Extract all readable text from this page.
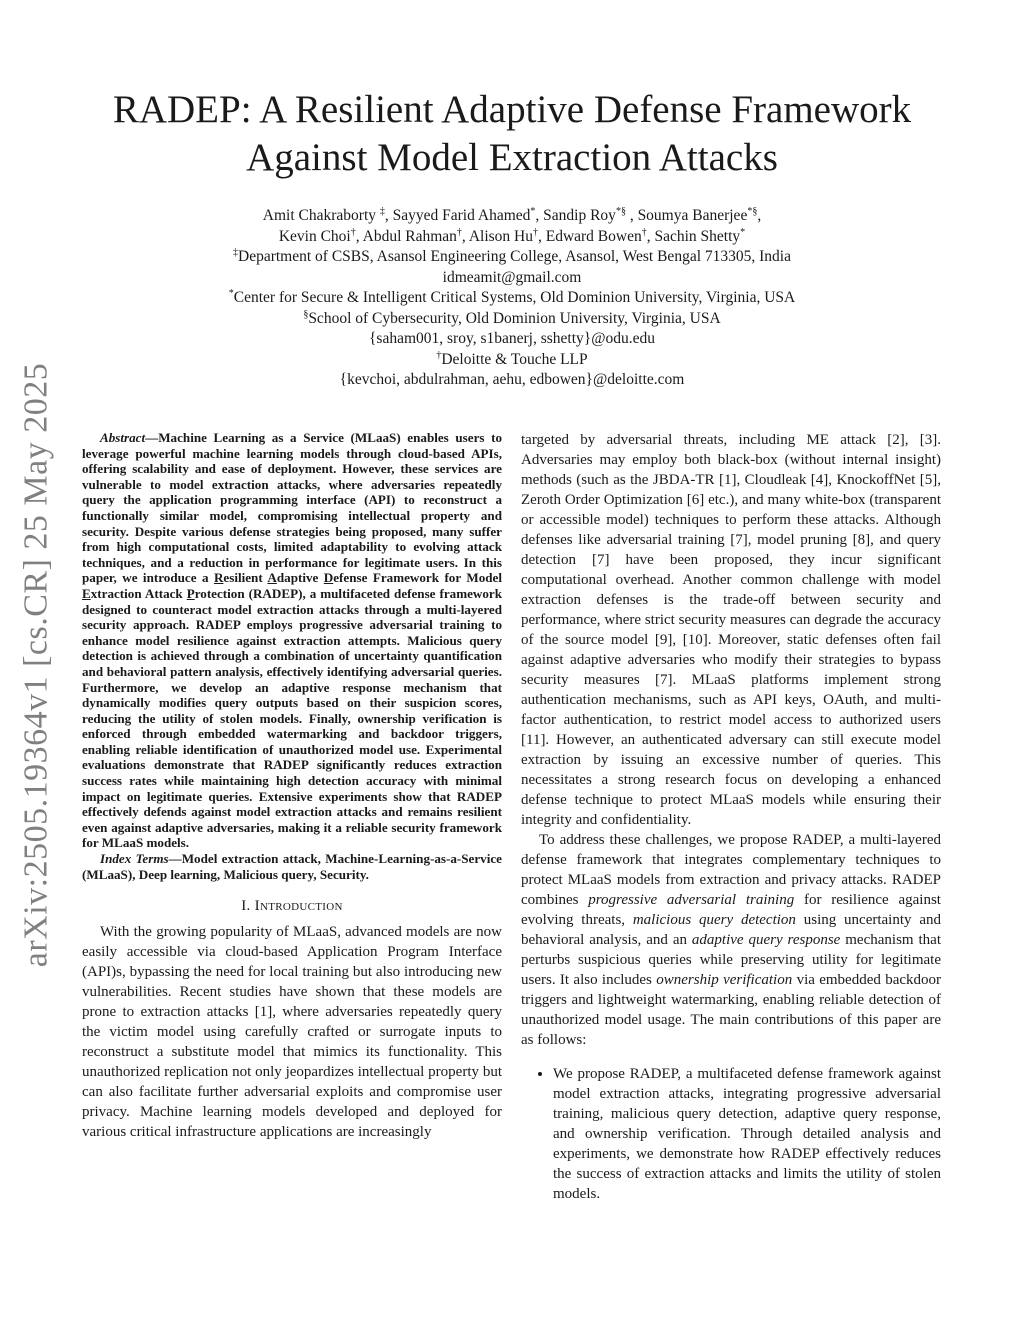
arXiv:2505.19364v1 [cs.CR] 25 May 2025
RADEP: A Resilient Adaptive Defense Framework
Against Model Extraction Attacks
Amit Chakraborty ‡, Sayyed Farid Ahamed*, Sandip Roy*§ , Soumya Banerjee*§,
Kevin Choi†, Abdul Rahman†, Alison Hu†, Edward Bowen†, Sachin Shetty*
‡Department of CSBS, Asansol Engineering College, Asansol, West Bengal 713305, India
idmeamit@gmail.com
*Center for Secure & Intelligent Critical Systems, Old Dominion University, Virginia, USA
§School of Cybersecurity, Old Dominion University, Virginia, USA
{saham001, sroy, s1banerj, sshetty}@odu.edu
†Deloitte & Touche LLP
{kevchoi, abdulrahman, aehu, edbowen}@deloitte.com

Abstract—Machine Learning as a Service (MLaaS) enables users to leverage powerful machine learning models through cloud-based APIs, offering scalability and ease of deployment. However, these services are vulnerable to model extraction attacks, where adversaries repeatedly query the application programming interface (API) to reconstruct a functionally similar model, compromising intellectual property and security. Despite various defense strategies being proposed, many suffer from high computational costs, limited adaptability to evolving attack techniques, and a reduction in performance for legitimate users. In this paper, we introduce a Resilient Adaptive Defense Framework for Model Extraction Attack Protection (RADEP), a multifaceted defense framework designed to counteract model extraction attacks through a multi-layered security approach. RADEP employs progressive adversarial training to enhance model resilience against extraction attempts. Malicious query detection is achieved through a combination of uncertainty quantification and behavioral pattern analysis, effectively identifying adversarial queries. Furthermore, we develop an adaptive response mechanism that dynamically modifies query outputs based on their suspicion scores, reducing the utility of stolen models. Finally, ownership verification is enforced through embedded watermarking and backdoor triggers, enabling reliable identification of unauthorized model use. Experimental evaluations demonstrate that RADEP significantly reduces extraction success rates while maintaining high detection accuracy with minimal impact on legitimate queries. Extensive experiments show that RADEP effectively defends against model extraction attacks and remains resilient even against adaptive adversaries, making it a reliable security framework for MLaaS models.

Index Terms—Model extraction attack, Machine-Learning-as-a-Service (MLaaS), Deep learning, Malicious query, Security.

I. Introduction

With the growing popularity of MLaaS, advanced models are now easily accessible via cloud-based Application Program Interface (API)s, bypassing the need for local training but also introducing new vulnerabilities. Recent studies have shown that these models are prone to extraction attacks [1], where adversaries repeatedly query the victim model using carefully crafted or surrogate inputs to reconstruct a substitute model that mimics its functionality. This unauthorized replication not only jeopardizes intellectual property but can also facilitate further adversarial exploits and compromise user privacy. Machine learning models developed and deployed for various critical infrastructure applications are increasingly

targeted by adversarial threats, including ME attack [2], [3]. Adversaries may employ both black-box (without internal insight) methods (such as the JBDA-TR [1], Cloudleak [4], KnockoffNet [5], Zeroth Order Optimization [6] etc.), and many white-box (transparent or accessible model) techniques to perform these attacks. Although defenses like adversarial training [7], model pruning [8], and query detection [7] have been proposed, they incur significant computational overhead. Another common challenge with model extraction defenses is the trade-off between security and performance, where strict security measures can degrade the accuracy of the source model [9], [10]. Moreover, static defenses often fail against adaptive adversaries who modify their strategies to bypass security measures [7]. MLaaS platforms implement strong authentication mechanisms, such as API keys, OAuth, and multi-factor authentication, to restrict model access to authorized users [11]. However, an authenticated adversary can still execute model extraction by issuing an excessive number of queries. This necessitates a strong research focus on developing a enhanced defense technique to protect MLaaS models while ensuring their integrity and confidentiality.

To address these challenges, we propose RADEP, a multi-layered defense framework that integrates complementary techniques to protect MLaaS models from extraction and privacy attacks. RADEP combines progressive adversarial training for resilience against evolving threats, malicious query detection using uncertainty and behavioral analysis, and an adaptive query response mechanism that perturbs suspicious queries while preserving utility for legitimate users. It also includes ownership verification via embedded backdoor triggers and lightweight watermarking, enabling reliable detection of unauthorized model usage. The main contributions of this paper are as follows:

• We propose RADEP, a multifaceted defense framework against model extraction attacks, integrating progressive adversarial training, malicious query detection, adaptive query response, and ownership verification. Through detailed analysis and experiments, we demonstrate how RADEP effectively reduces the success of extraction attacks and limits the utility of stolen models.
